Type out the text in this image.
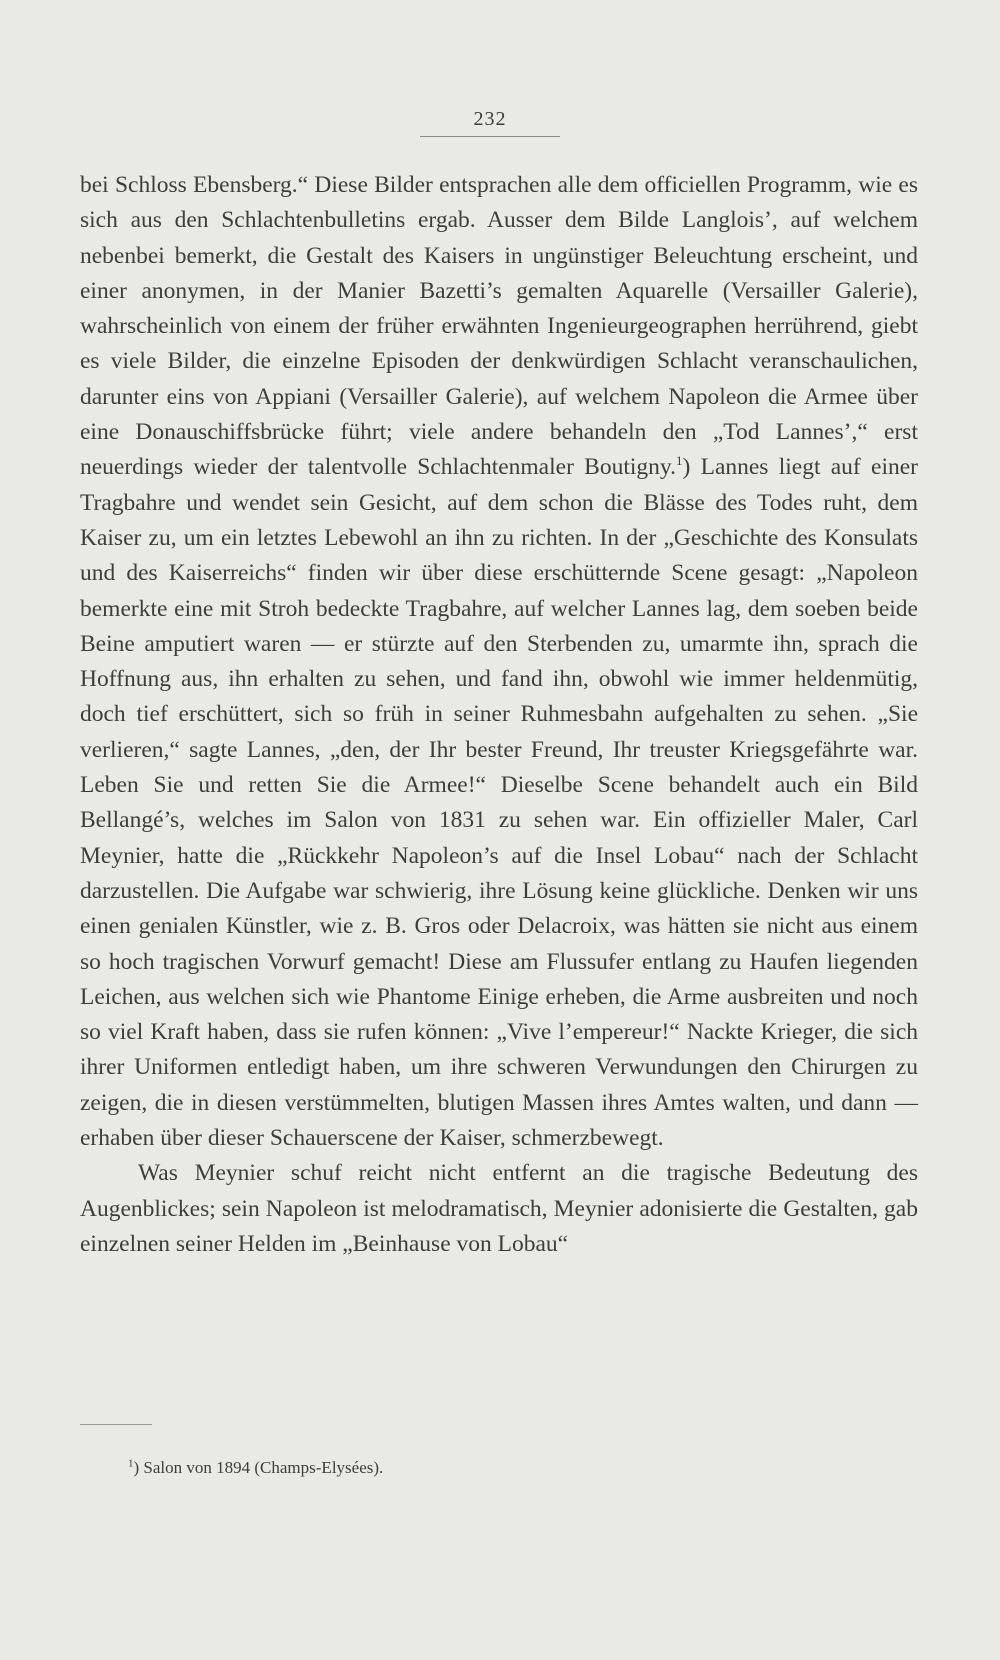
232

bei Schloss Ebensberg.“ Diese Bilder entsprachen alle dem officiellen Programm, wie es sich aus den Schlachtenbulletins ergab. Ausser dem Bilde Langlois’, auf welchem nebenbei bemerkt, die Gestalt des Kaisers in ungünstiger Beleuchtung erscheint, und einer anonymen, in der Manier Bazetti’s gemalten Aquarelle (Versailler Galerie), wahrscheinlich von einem der früher erwähnten Ingenieurgeographen herrührend, giebt es viele Bilder, die einzelne Episoden der denkwürdigen Schlacht veranschaulichen, darunter eins von Appiani (Versailler Galerie), auf welchem Napoleon die Armee über eine Donauschiffsbrücke führt; viele andere behandeln den „Tod Lannes’,“ erst neuerdings wieder der talentvolle Schlachtenmaler Boutigny.$^1$) Lannes liegt auf einer Tragbahre und wendet sein Gesicht, auf dem schon die Blässe des Todes ruht, dem Kaiser zu, um ein letztes Lebewohl an ihn zu richten. In der „Geschichte des Konsulats und des Kaiserreichs“ finden wir über diese erschütternde Scene gesagt: „Napoleon bemerkte eine mit Stroh bedeckte Tragbahre, auf welcher Lannes lag, dem soeben beide Beine amputiert waren — er stürzte auf den Sterbenden zu, umarmte ihn, sprach die Hoffnung aus, ihn erhalten zu sehen, und fand ihn, obwohl wie immer heldenmütig, doch tief erschüttert, sich so früh in seiner Ruhmesbahn aufgehalten zu sehen. „Sie verlieren,“ sagte Lannes, „den, der Ihr bester Freund, Ihr treuster Kriegsgefährte war. Leben Sie und retten Sie die Armee!“ Dieselbe Scene behandelt auch ein Bild Bellangé’s, welches im Salon von 1831 zu sehen war. Ein offizieller Maler, Carl Meynier, hatte die „Rückkehr Napoleon’s auf die Insel Lobau“ nach der Schlacht darzustellen. Die Aufgabe war schwierig, ihre Lösung keine glückliche. Denken wir uns einen genialen Künstler, wie z. B. Gros oder Delacroix, was hätten sie nicht aus einem so hoch tragischen Vorwurf gemacht! Diese am Flussufer entlang zu Haufen liegenden Leichen, aus welchen sich wie Phantome Einige erheben, die Arme ausbreiten und noch so viel Kraft haben, dass sie rufen können: „Vive l’empereur!“ Nackte Krieger, die sich ihrer Uniformen entledigt haben, um ihre schweren Verwundungen den Chirurgen zu zeigen, die in diesen verstümmelten, blutigen Massen ihres Amtes walten, und dann — erhaben über dieser Schauerscene der Kaiser, schmerzbewegt.

Was Meynier schuf reicht nicht entfernt an die tragische Bedeutung des Augenblickes; sein Napoleon ist melodramatisch, Meynier adonisierte die Gestalten, gab einzelnen seiner Helden im „Beinhause von Lobau“

$^1$) Salon von 1894 (Champs-Elysées).
